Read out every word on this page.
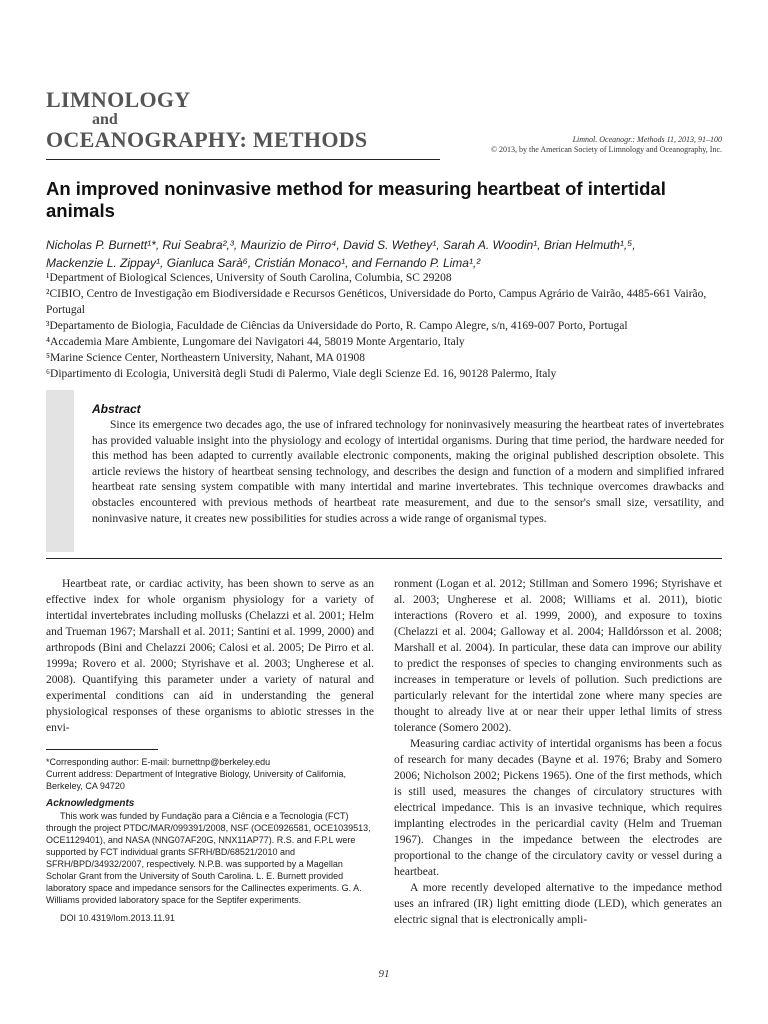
LIMNOLOGY
and
OCEANOGRAPHY: METHODS	Limnol. Oceanogr.: Methods 11, 2013, 91–100
© 2013, by the American Society of Limnology and Oceanography, Inc.
An improved noninvasive method for measuring heartbeat of intertidal animals
Nicholas P. Burnett¹*, Rui Seabra²,³, Maurizio de Pirro⁴, David S. Wethey¹, Sarah A. Woodin¹, Brian Helmuth¹,⁵,
Mackenzie L. Zippay¹, Gianluca Sarà⁶, Cristián Monaco¹, and Fernando P. Lima¹,²
¹Department of Biological Sciences, University of South Carolina, Columbia, SC 29208
²CIBIO, Centro de Investigação em Biodiversidade e Recursos Genéticos, Universidade do Porto, Campus Agrário de Vairão, 4485-661 Vairão, Portugal
³Departamento de Biologia, Faculdade de Ciências da Universidade do Porto, R. Campo Alegre, s/n, 4169-007 Porto, Portugal
⁴Accademia Mare Ambiente, Lungomare dei Navigatori 44, 58019 Monte Argentario, Italy
⁵Marine Science Center, Northeastern University, Nahant, MA 01908
⁶Dipartimento di Ecologia, Università degli Studi di Palermo, Viale degli Scienze Ed. 16, 90128 Palermo, Italy
Abstract

Since its emergence two decades ago, the use of infrared technology for noninvasively measuring the heartbeat rates of invertebrates has provided valuable insight into the physiology and ecology of intertidal organisms. During that time period, the hardware needed for this method has been adapted to currently available electronic components, making the original published description obsolete. This article reviews the history of heartbeat sensing technology, and describes the design and function of a modern and simplified infrared heartbeat rate sensing system compatible with many intertidal and marine invertebrates. This technique overcomes drawbacks and obstacles encountered with previous methods of heartbeat rate measurement, and due to the sensor's small size, versatility, and noninvasive nature, it creates new possibilities for studies across a wide range of organismal types.

Heartbeat rate, or cardiac activity, has been shown to serve as an effective index for whole organism physiology for a variety of intertidal invertebrates including mollusks (Chelazzi et al. 2001; Helm and Trueman 1967; Marshall et al. 2011; Santini et al. 1999, 2000) and arthropods (Bini and Chelazzi 2006; Calosi et al. 2005; De Pirro et al. 1999a; Rovero et al. 2000; Styrishave et al. 2003; Ungherese et al. 2008). Quantifying this parameter under a variety of natural and experimental conditions can aid in understanding the general physiological responses of these organisms to abiotic stresses in the envi-

*Corresponding author: E-mail: burnettnp@berkeley.edu
Current address: Department of Integrative Biology, University of California, Berkeley, CA 94720
Acknowledgments
This work was funded by Fundação para a Ciência e a Tecnologia (FCT) through the project PTDC/MAR/099391/2008, NSF (OCE0926581, OCE1039513, OCE1129401), and NASA (NNG07AF20G, NNX11AP77). R.S. and F.P.L were supported by FCT individual grants SFRH/BD/68521/2010 and SFRH/BPD/34932/2007, respectively. N.P.B. was supported by a Magellan Scholar Grant from the University of South Carolina. L. E. Burnett provided laboratory space and impedance sensors for the Callinectes experiments. G. A. Williams provided laboratory space for the Septifer experiments.
DOI 10.4319/lom.2013.11.91

ronment (Logan et al. 2012; Stillman and Somero 1996; Styrishave et al. 2003; Ungherese et al. 2008; Williams et al. 2011), biotic interactions (Rovero et al. 1999, 2000), and exposure to toxins (Chelazzi et al. 2004; Galloway et al. 2004; Halldórsson et al. 2008; Marshall et al. 2004). In particular, these data can improve our ability to predict the responses of species to changing environments such as increases in temperature or levels of pollution. Such predictions are particularly relevant for the intertidal zone where many species are thought to already live at or near their upper lethal limits of stress tolerance (Somero 2002).

Measuring cardiac activity of intertidal organisms has been a focus of research for many decades (Bayne et al. 1976; Braby and Somero 2006; Nicholson 2002; Pickens 1965). One of the first methods, which is still used, measures the changes of circulatory structures with electrical impedance. This is an invasive technique, which requires implanting electrodes in the pericardial cavity (Helm and Trueman 1967). Changes in the impedance between the electrodes are proportional to the change of the circulatory cavity or vessel during a heartbeat.

A more recently developed alternative to the impedance method uses an infrared (IR) light emitting diode (LED), which generates an electric signal that is electronically ampli-

91
